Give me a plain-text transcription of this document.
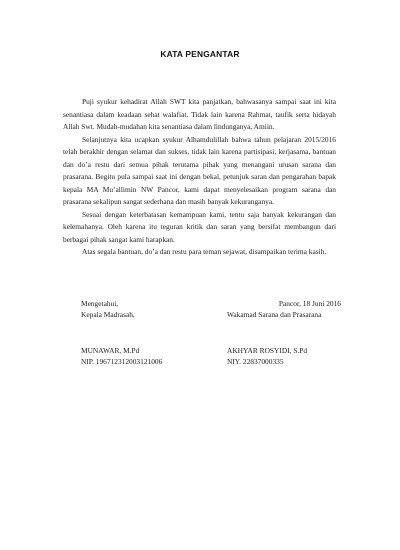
KATA PENGANTAR

Puji syukur kehadirat Allah SWT kita panjatkan, bahwasanya sampai saat ini kita senantiasa dalam keadaan sehat walafiat. Tidak lain karena Rahmat, taufik serta hidayah Allah Swt. Mudah-mudahan kita senantiasa dalam lindunganya, Amiin.

Selanjutnya kita ucapkan syukur Alhamdulillah bahwa tahun pelajaran 2015/2016 telah berakhir dengan selamat dan sukses, tidak lain karena partisipasi, kerjasama, bantuan dan do’a restu dari semua pihak terutama pihak yang menangani urusan sarana dan prasarana. Begitu pula sampai saat ini dengan bekal, petunjuk saran dan pengarahan bapak kepala MA Mu’allimin NW Pancor, kami dapat menyelesaikan program sarana dan prasarana sekalipun sangat sederhana dan masih banyak kekuranganya.

Sesuai dengan keterbatasan kemampuan kami, tentu saja banyak kekurangan dan kelemahanya. Oleh karena itu teguran kritik dan saran yang bersifat membangun dari berbagai pihak sangat kami harapkan.

Atas segala bantuan, do’a dan restu para teman sejawat, disampaikan terima kasih.

Mengetahui,
Kepala Madrasah,
MUNAWAR, M.Pd
NIP. 196712312003121006
Pancor, 18 Juni 2016
Wakamad Sarana dan Prasarana
AKHYAR ROSYIDI, S.Pd
NIY. 22837000335
